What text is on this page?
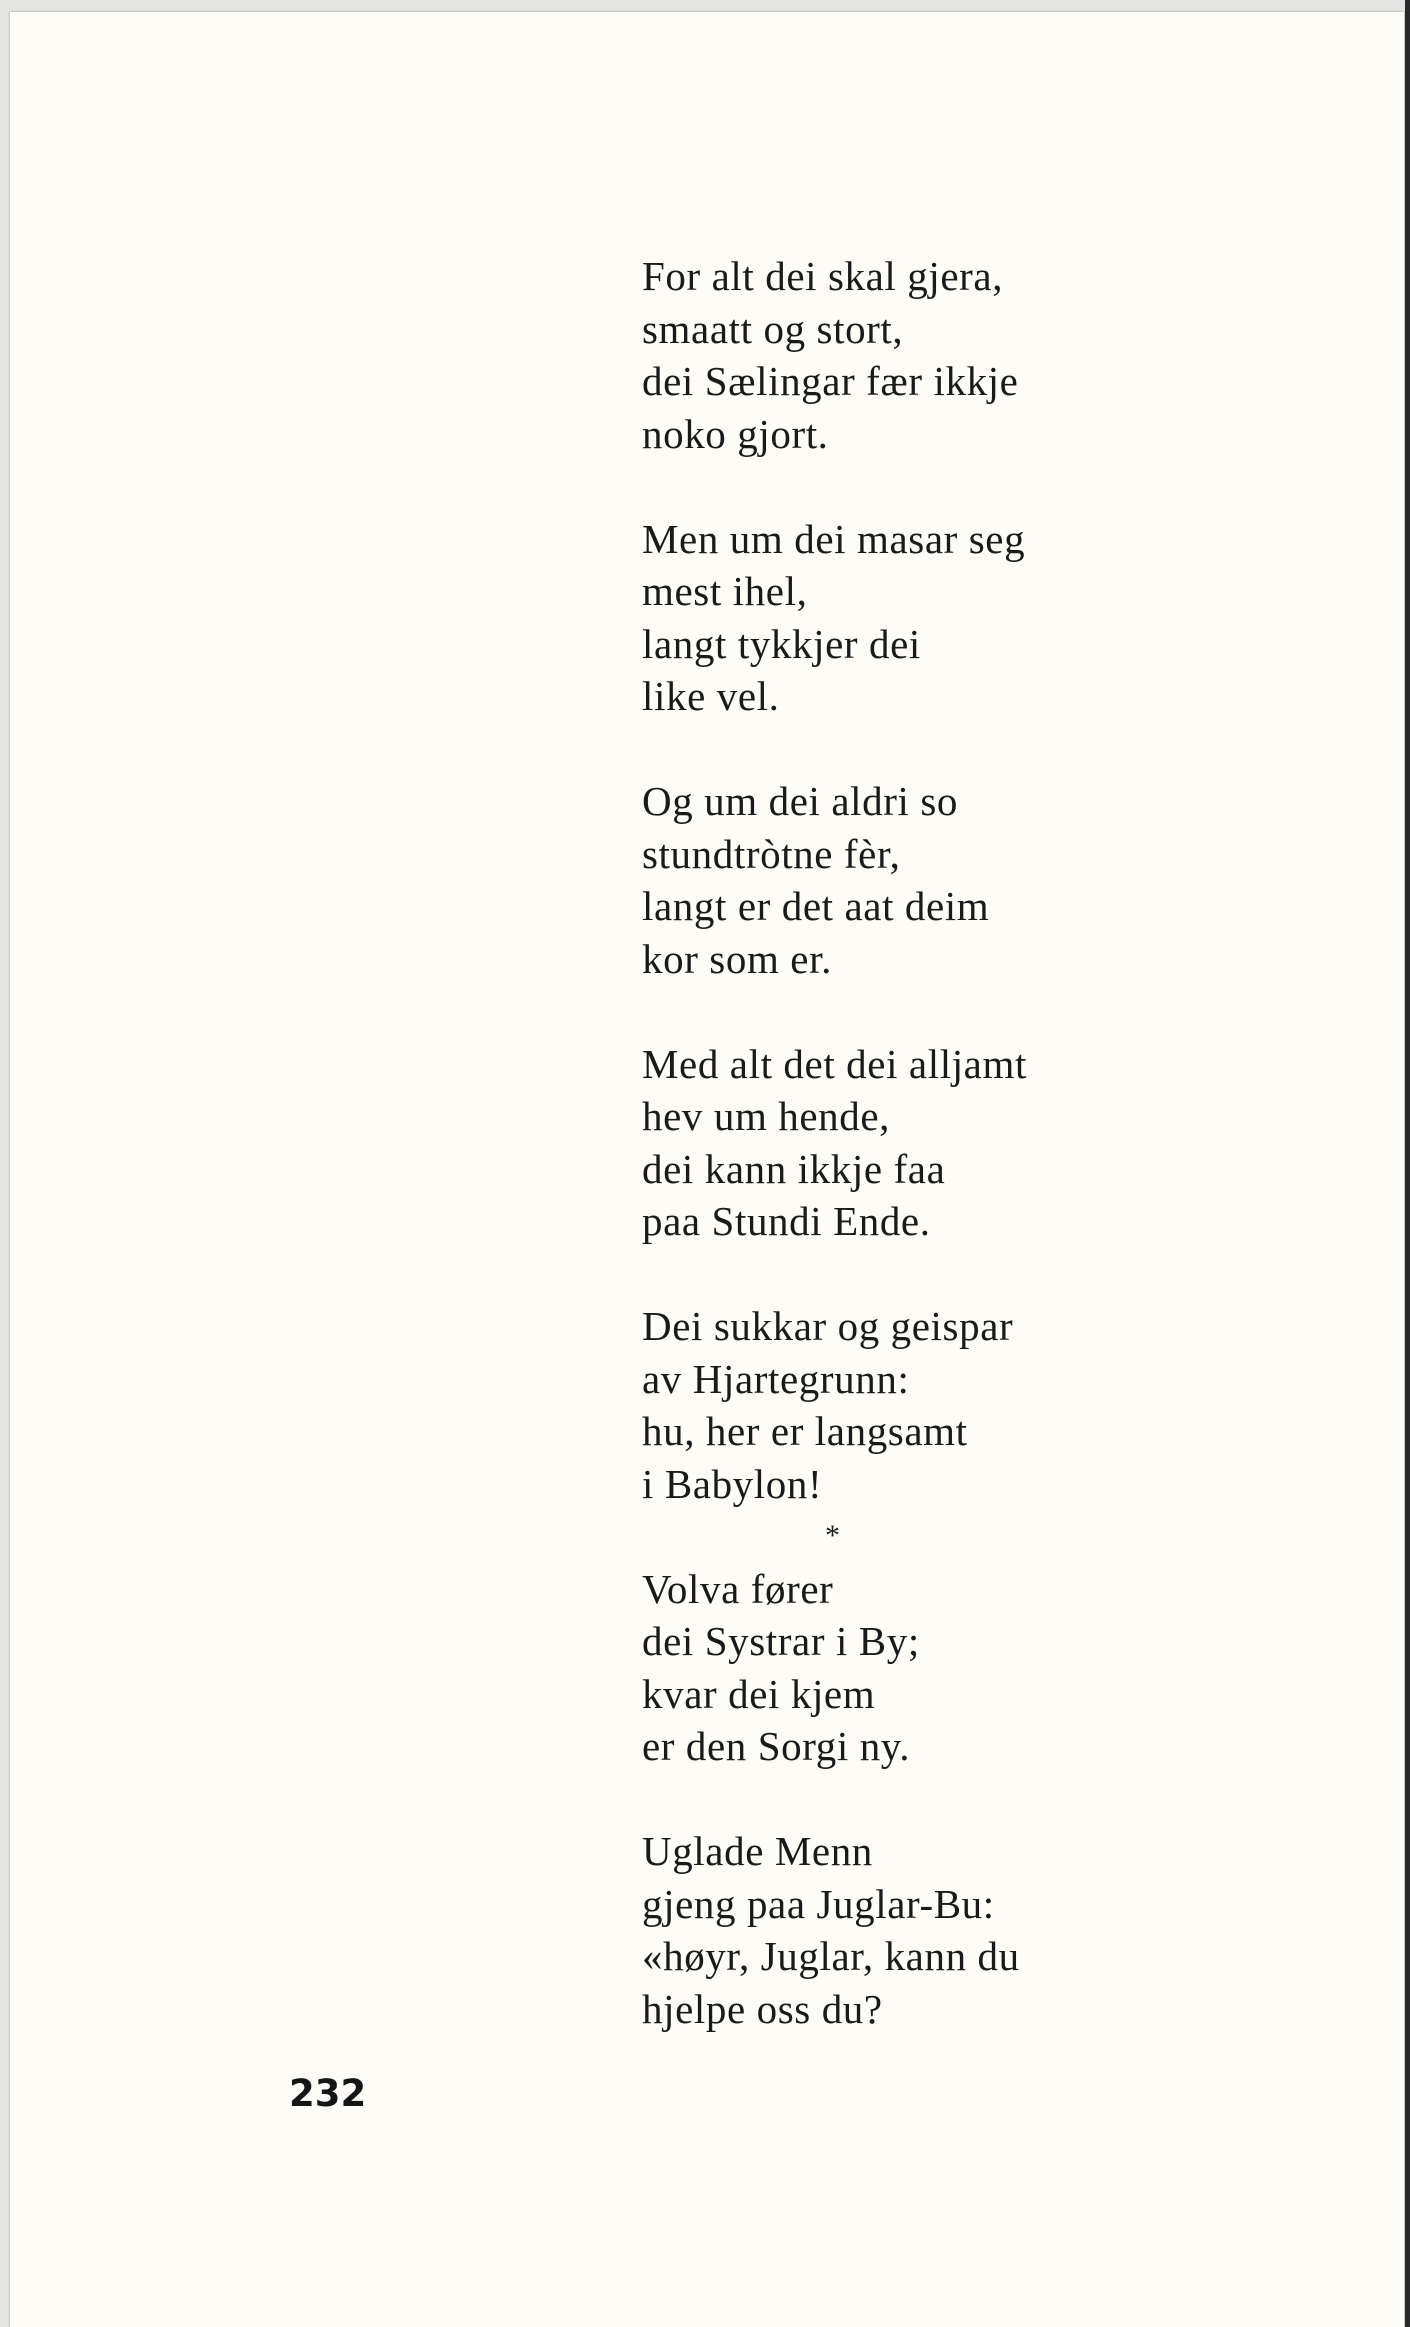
For alt dei skal gjera,
smaatt og stort,
dei Sælingar fær ikkje
noko gjort.
Men um dei masar seg
mest ihel,
langt tykkjer dei
like vel.
Og um dei aldri so
stundtròtne fèr,
langt er det aat deim
kor som er.
Med alt det dei alljamt
hev um hende,
dei kann ikkje faa
paa Stundi Ende.
Dei sukkar og geispar
av Hjartegrunn:
hu, her er langsamt
i Babylon!
*
Volva fører
dei Systrar i By;
kvar dei kjem
er den Sorgi ny.
Uglade Menn
gjeng paa Juglar-Bu:
«høyr, Juglar, kann du
hjelpe oss du?
232
